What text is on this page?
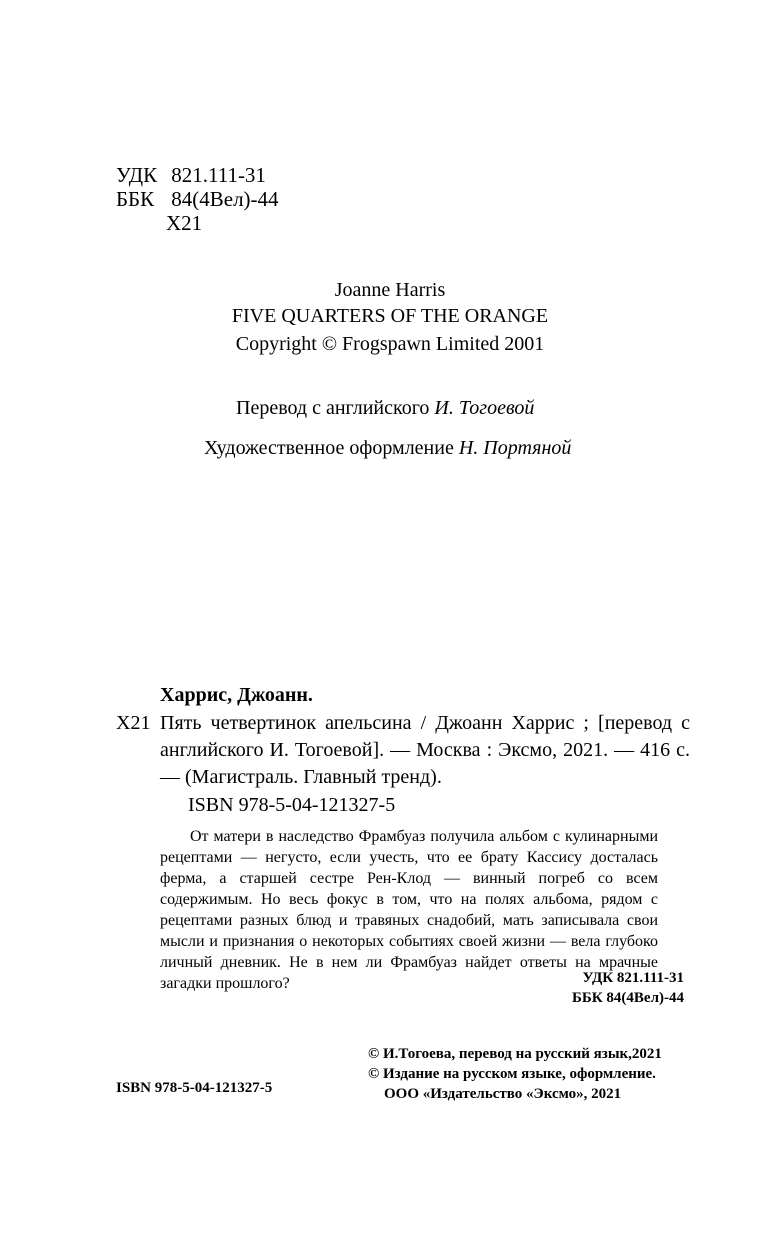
УДК 821.111-31
ББК 84(4Вел)-44
Х21
Joanne Harris
FIVE QUARTERS OF THE ORANGE
Copyright © Frogspawn Limited 2001
Перевод с английского И. Тогоевой
Художественное оформление Н. Портяной
Харрис, Джоанн.
Х21 Пять четвертинок апельсина / Джоанн Харрис ; [перевод с английского И. Тогоевой]. — Москва : Эксмо, 2021. — 416 с. — (Магистраль. Главный тренд).
ISBN 978-5-04-121327-5
От матери в наследство Фрамбуаз получила альбом с кулинарными рецептами — негусто, если учесть, что ее брату Кассису досталась ферма, а старшей сестре Рен-Клод — винный погреб со всем содержимым. Но весь фокус в том, что на полях альбома, рядом с рецептами разных блюд и травяных снадобий, мать записывала свои мысли и признания о некоторых событиях своей жизни — вела глубоко личный дневник. Не в нем ли Фрамбуаз найдет ответы на мрачные загадки прошлого?	УДК 821.111-31
ББК 84(4Вел)-44
© И.Тогоева, перевод на русский язык,2021
© Издание на русском языке, оформление.
ООО «Издательство «Эксмо», 2021
ISBN 978-5-04-121327-5
